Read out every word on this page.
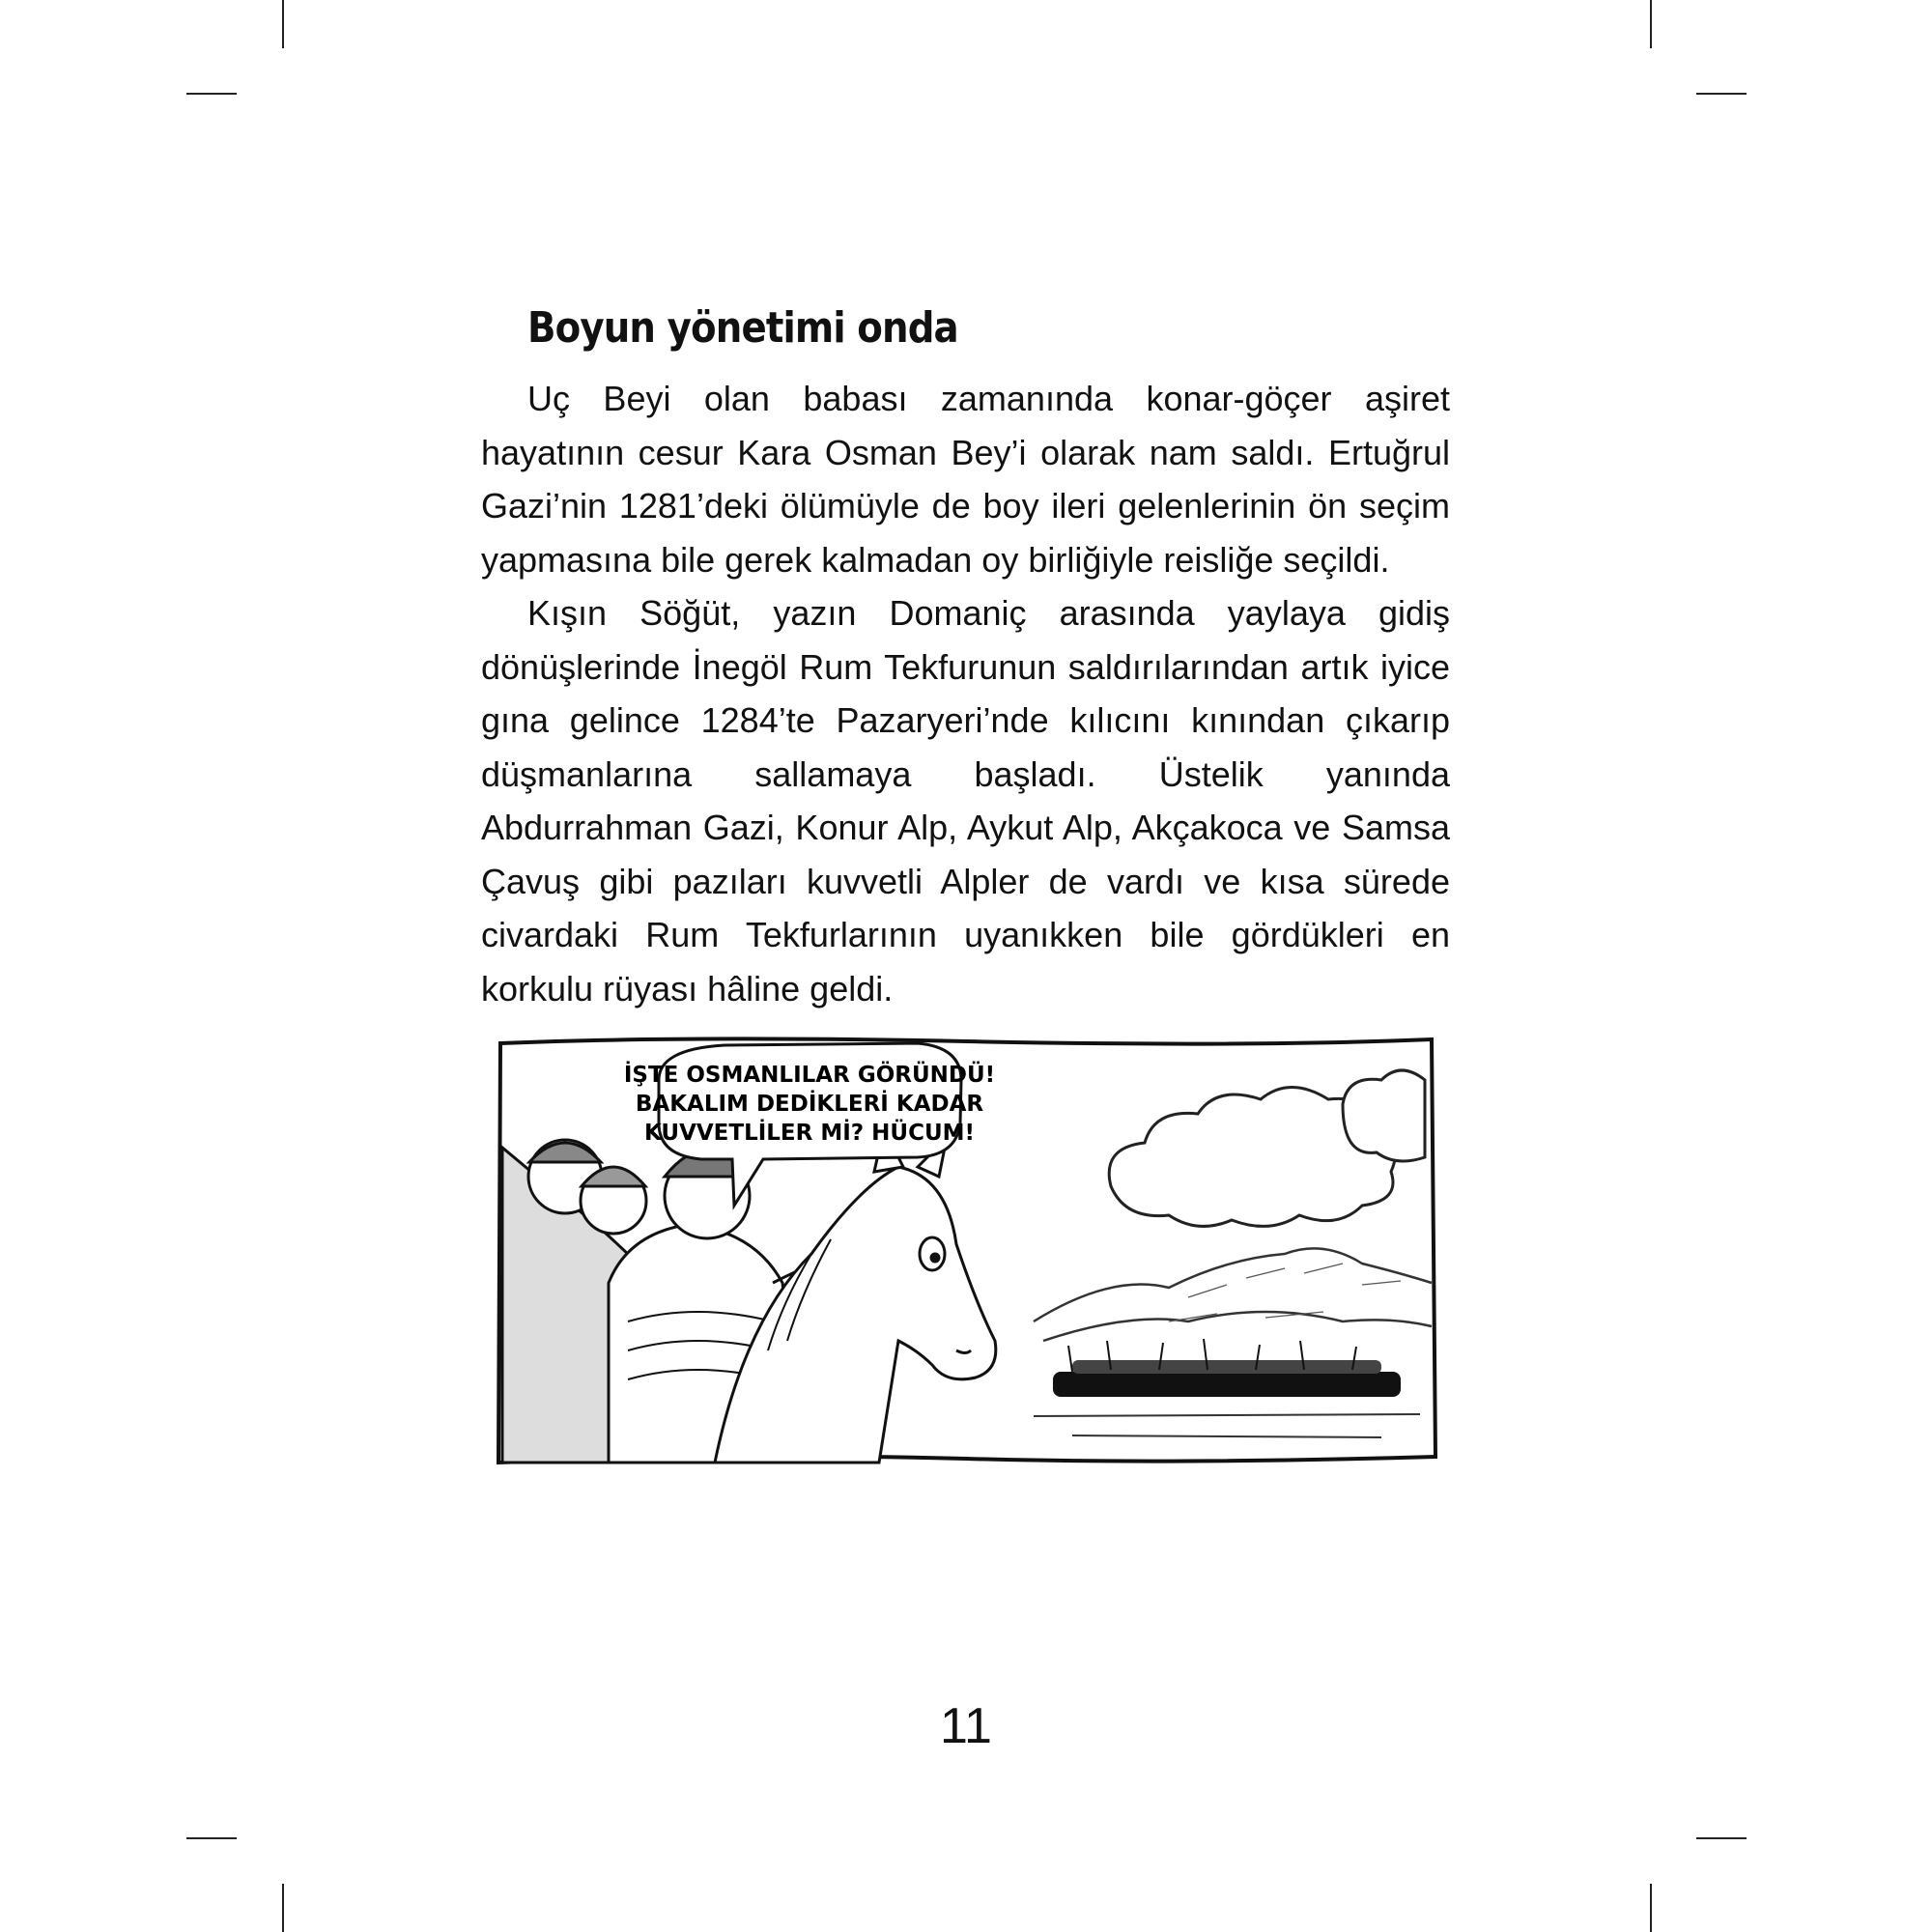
Boyun yönetimi onda

Uç Beyi olan babası zamanında konar-göçer aşiret hayatının cesur Kara Osman Bey’i olarak nam saldı. Ertuğrul Gazi’nin 1281’deki ölümüyle de boy ileri gelenlerinin ön seçim yapmasına bile gerek kalmadan oy birliğiyle reisliğe seçildi.

Kışın Söğüt, yazın Domaniç arasında yaylaya gidiş dönüşlerinde İnegöl Rum Tekfurunun saldırılarından artık iyice gına gelince 1284’te Pazaryeri’nde kılıcını kınından çıkarıp düşmanlarına sallamaya başladı. Üstelik yanında Abdurrahman Gazi, Konur Alp, Aykut Alp, Akçakoca ve Samsa Çavuş gibi pazıları kuvvetli Alpler de vardı ve kısa sürede civardaki Rum Tekfurlarının uyanıkken bile gördükleri en korkulu rüyası hâline geldi.

İŞTE OSMANLILAR GÖRÜNDÜ!
BAKALIM DEDİKLERİ KADAR
KUVVETLİLER Mİ? HÜCUM!
11
